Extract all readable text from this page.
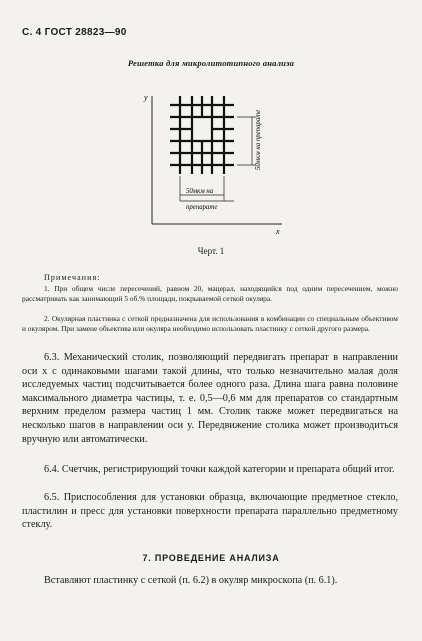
С. 4 ГОСТ 28823—90
Решетка для микролитотипного анализа
y
x
50мкм на препарате
50мкм на
препарате
Черт. 1
Примечания:
1. При общем числе пересечений, равном 20, мацерал, находящийся под одним пересечением, можно рассматривать как занимающий 5 об.% площади, покрываемой сеткой окуляра.
2. Окулярная пластинка с сеткой предназначена для использования в комбинации со специальным объективом и окуляром. При замене объектива или окуляра необходимо использовать пластинку с сеткой другого размера.
6.3. Механический столик, позволяющий передвигать препарат в направлении оси x с одинаковыми шагами такой длины, что только незначительно малая доля исследуемых частиц подсчитывается более одного раза. Длина шага равна половине максимального диаметра частицы, т. е. 0,5—0,6 мм для препаратов со стандартным верхним пределом размера частиц 1 мм. Столик также может передвигаться на несколько шагов в направлении оси y. Передвижение столика может производиться вручную или автоматически.
6.4. Счетчик, регистрирующий точки каждой категории и препарата общий итог.
6.5. Приспособления для установки образца, включающие предметное стекло, пластилин и пресс для установки поверхности препарата параллельно предметному стеклу.
7. ПРОВЕДЕНИЕ АНАЛИЗА
Вставляют пластинку с сеткой (п. 6.2) в окуляр микроскопа (п. 6.1).
